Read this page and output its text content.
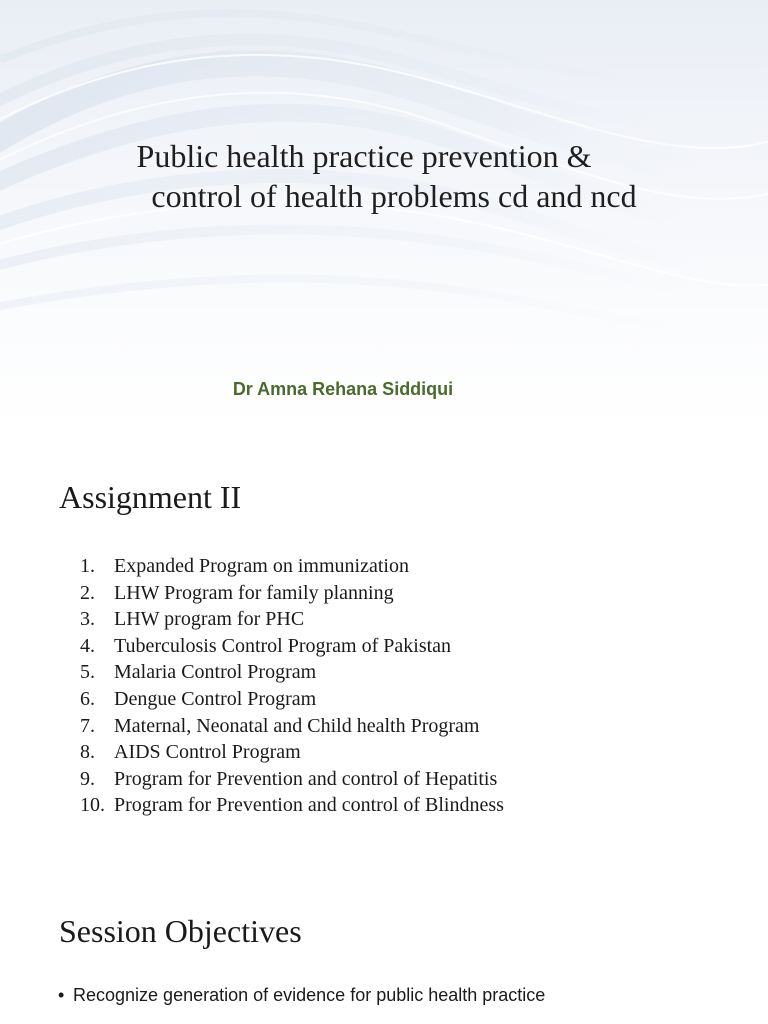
Public health practice prevention &
control of health problems cd and ncd
Dr Amna Rehana Siddiqui
Assignment II
1. Expanded Program on immunization
2. LHW Program for family planning
3. LHW program for PHC
4. Tuberculosis Control Program of Pakistan
5. Malaria Control Program
6. Dengue Control Program
7. Maternal, Neonatal and Child health Program
8. AIDS Control Program
9. Program for Prevention and control of Hepatitis
10. Program for Prevention and control of Blindness
Session Objectives
• Recognize generation of evidence for public health practice
